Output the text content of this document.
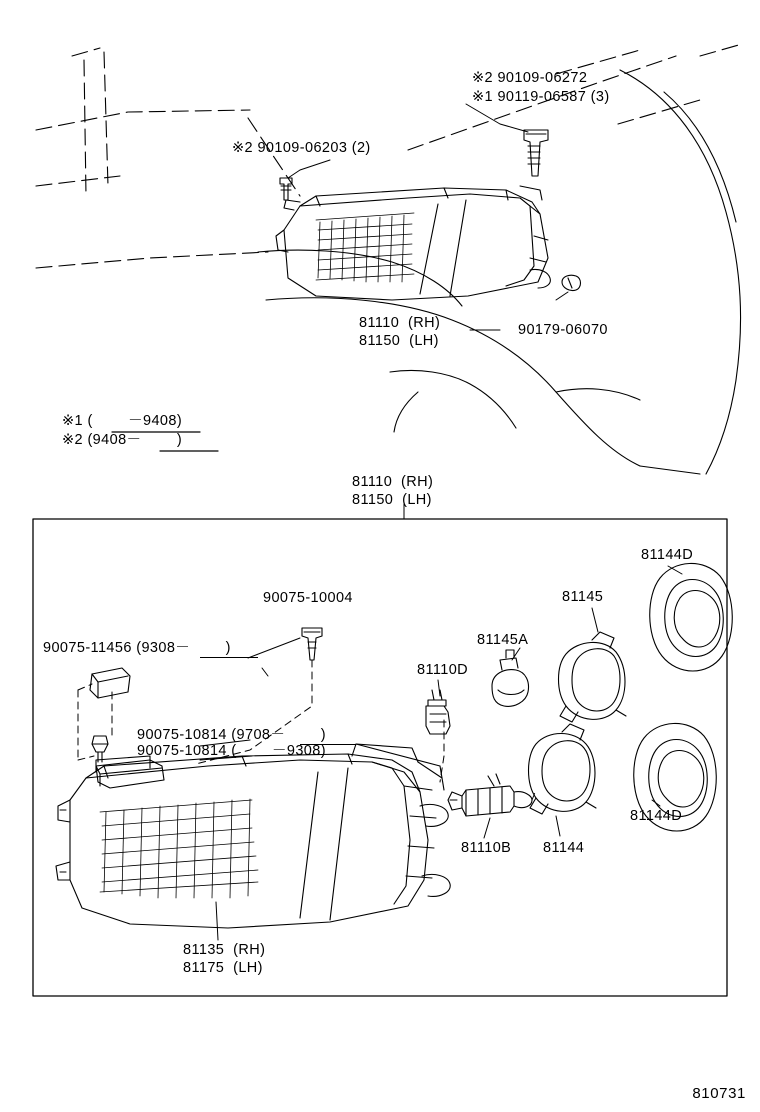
※2 90109-06272
※1 90119-06587 (3)
※2 90109-06203 (2)
90179-06070
81110  (RH)
81150  (LH)
※1 (        －9408)
※2 (9408－        )
81110  (RH)
81150  (LH)
81144D
81145
90075-10004
81145A
90075-11456 (9308－        )
81110D
90075-10814 (9708－        )
90075-10814 (        －9308)
81110B 81144
81144D
81135  (RH)
81175  (LH)
810731
